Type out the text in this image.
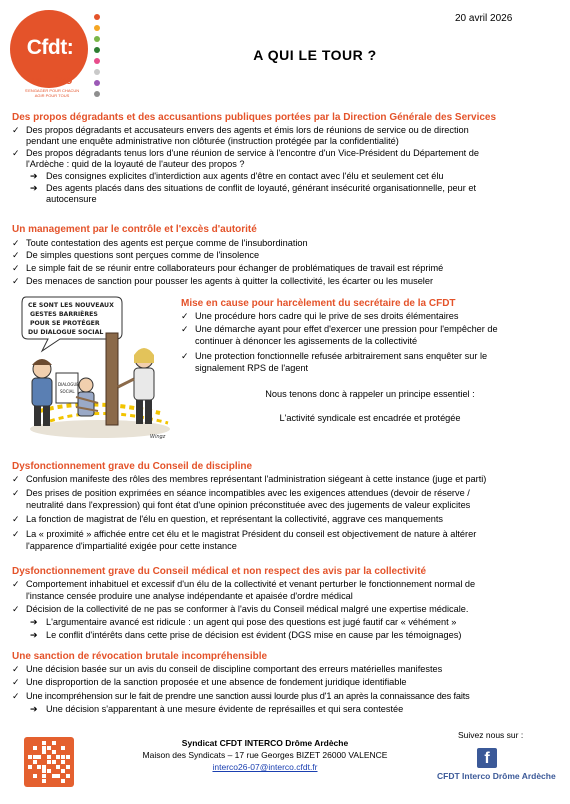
Cfdt:
INTERCO
S'ENGAGER POUR CHACUN AGIR POUR TOUS
20 avril 2026
A QUI LE TOUR ?
Des propos dégradants et des accusantions publiques portées par la Direction Générale des Services
✓ Des propos dégradants et accusateurs envers des agents et émis lors de réunions de service ou de direction
pendant une enquête administrative non clôturée (instruction protégée par la confidentialité)
✓ Des propos dégradants tenus lors d'une réunion de service à l'encontre d'un Vice-Président du Département de
l'Ardèche : quid de la loyauté de l'auteur des propos ?
➔ Des consignes explicites d'interdiction aux agents d'être en contact avec l'élu et seulement cet élu
➔ Des agents placés dans des situations de conflit de loyauté, générant insécurité organisationnelle, peur et
autocensure
Un management par le contrôle et l'excès d'autorité
✓ Toute contestation des agents est perçue comme de l'insubordination
✓ De simples questions sont perçues comme de l'insolence
✓ Le simple fait de se réunir entre collaborateurs pour échanger de problématiques de travail est réprimé
✓ Des menaces de sanction pour pousser les agents à quitter la collectivité, les écarter ou les museler
CE SONT LES NOUVEAUX
GESTES BARRIÈRES
POUR SE PROTÉGER
DU DIALOGUE SOCIAL
DIALOGUE
SOCIAL
Wingz
Mise en cause pour harcèlement du secrétaire de la CFDT
✓ Une procédure hors cadre qui le prive de ses droits élémentaires
✓ Une démarche ayant pour effet d'exercer une pression pour l'empêcher de
continuer à dénoncer les agissements de la collectivité
✓ Une protection fonctionnelle refusée arbitrairement sans enquêter sur le
signalement RPS de l'agent
Nous tenons donc à rappeler un principe essentiel :
L'activité syndicale est encadrée et protégée
Dysfonctionnement grave du Conseil de discipline
✓ Confusion manifeste des rôles des membres représentant l'administration siégeant à cette instance (juge et parti)
✓ Des prises de position exprimées en séance incompatibles avec les exigences attendues (devoir de réserve /
neutralité dans l'expression) qui font état d'une opinion préconstituée avec des jugements de valeur explicites
✓ La fonction de magistrat de l'élu en question, et représentant la collectivité, aggrave ces manquements
✓ La « proximité » affichée entre cet élu et le magistrat Président du conseil est objectivement de nature à altérer
l'apparence d'impartialité exigée pour cette instance
Dysfonctionnement grave du Conseil médical et non respect des avis par la collectivité
✓ Comportement inhabituel et excessif d'un élu de la collectivité et venant perturber le fonctionnement normal de
l'instance censée produire une analyse indépendante et apaisée d'ordre médical
✓ Décision de la collectivité de ne pas se conformer à l'avis du Conseil médical malgré une expertise médicale.
➔ L'argumentaire avancé est ridicule : un agent qui pose des questions est jugé fautif car « véhément »
➔ Le conflit d'intérêts dans cette prise de décision est évident (DGS mise en cause par les témoignages)
Une sanction de révocation brutale incompréhensible
✓ Une décision basée sur un avis du conseil de discipline comportant des erreurs matérielles manifestes
✓ Une disproportion de la sanction proposée et une absence de fondement juridique identifiable
✓ Une incompréhension sur le fait de prendre une sanction aussi lourde plus d'1 an après la connaissance des faits
➔ Une décision s'apparentant à une mesure évidente de représailles et qui sera contestée
Syndicat CFDT INTERCO Drôme Ardèche
Maison des Syndicats – 17 rue Georges BIZET 26000 VALENCE
interco26-07@interco.cfdt.fr
Suivez nous sur :
f
CFDT Interco Drôme Ardèche
